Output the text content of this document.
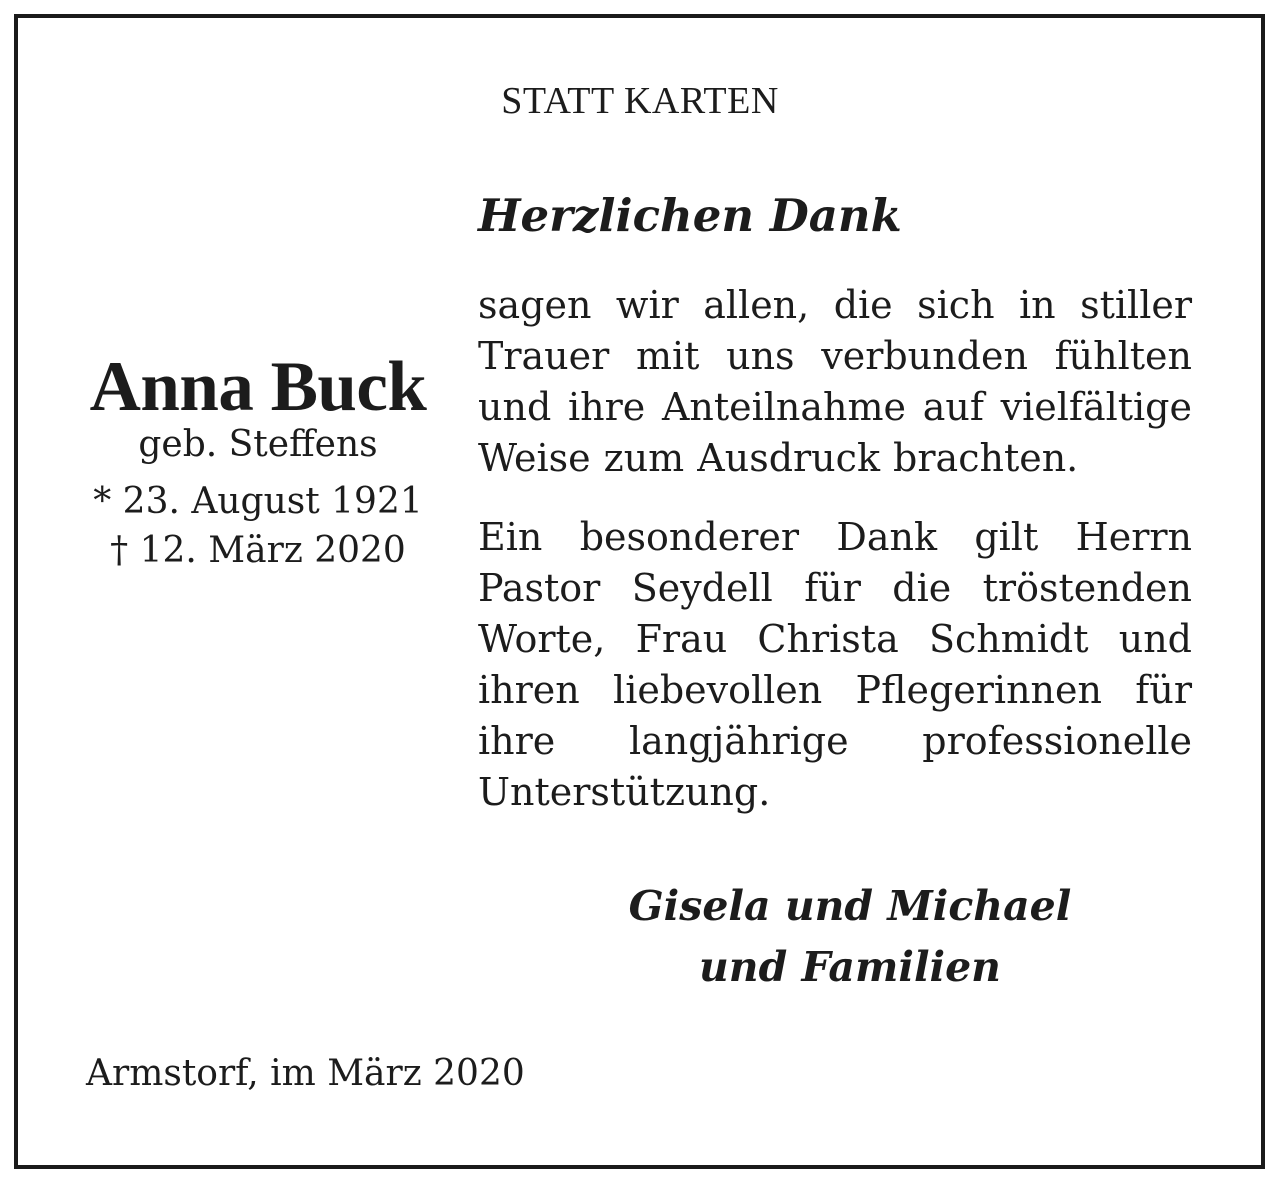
STATT KARTEN
Herzlichen Dank
Anna Buck
geb. Steffens
* 23. August 1921
† 12. März 2020
sagen wir allen, die sich in stiller Trauer mit uns verbunden fühlten und ihre Anteilnahme auf vielfältige Weise zum Ausdruck brachten.
Ein besonderer Dank gilt Herrn Pastor Seydell für die tröstenden Worte, Frau Christa Schmidt und ihren liebevollen Pflegerinnen für ihre langjährige professionelle Unterstützung.
Gisela und Michael
und Familien
Armstorf, im März 2020
